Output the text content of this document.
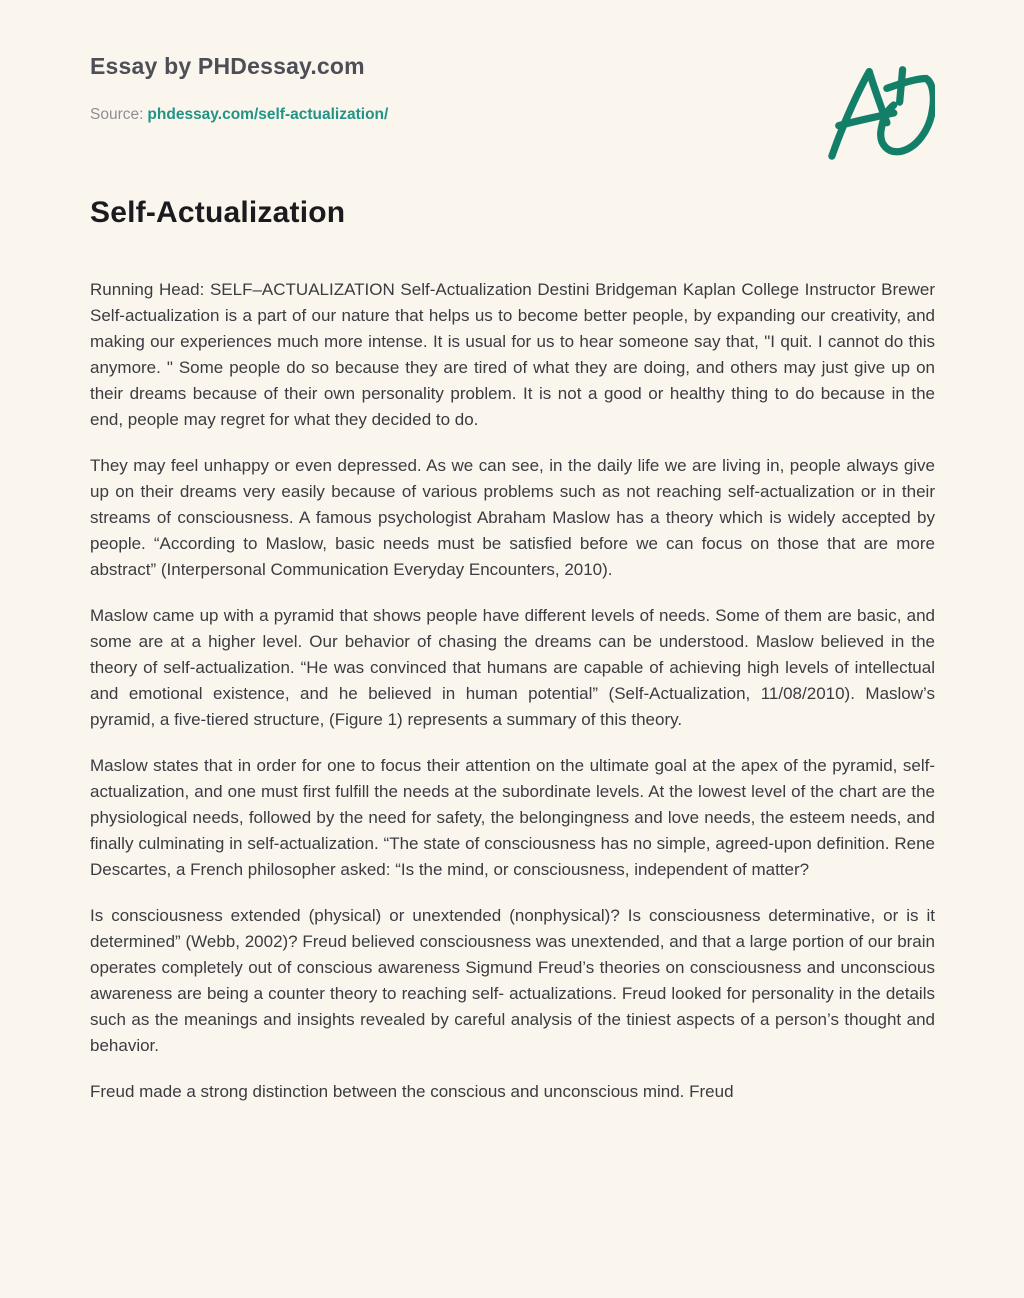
Essay by PHDessay.com
Source: phdessay.com/self-actualization/
Self-Actualization

Running Head: SELF–ACTUALIZATION Self-Actualization Destini Bridgeman Kaplan College Instructor Brewer Self-actualization is a part of our nature that helps us to become better people, by expanding our creativity, and making our experiences much more intense. It is usual for us to hear someone say that, "I quit. I cannot do this anymore. " Some people do so because they are tired of what they are doing, and others may just give up on their dreams because of their own personality problem. It is not a good or healthy thing to do because in the end, people may regret for what they decided to do.

They may feel unhappy or even depressed. As we can see, in the daily life we are living in, people always give up on their dreams very easily because of various problems such as not reaching self-actualization or in their streams of consciousness. A famous psychologist Abraham Maslow has a theory which is widely accepted by people. “According to Maslow, basic needs must be satisfied before we can focus on those that are more abstract” (Interpersonal Communication Everyday Encounters, 2010).

Maslow came up with a pyramid that shows people have different levels of needs. Some of them are basic, and some are at a higher level. Our behavior of chasing the dreams can be understood. Maslow believed in the theory of self-actualization. “He was convinced that humans are capable of achieving high levels of intellectual and emotional existence, and he believed in human potential” (Self-Actualization, 11/08/2010). Maslow’s pyramid, a five-tiered structure, (Figure 1) represents a summary of this theory.

Maslow states that in order for one to focus their attention on the ultimate goal at the apex of the pyramid, self-actualization, and one must first fulfill the needs at the subordinate levels. At the lowest level of the chart are the physiological needs, followed by the need for safety, the belongingness and love needs, the esteem needs, and finally culminating in self-actualization. “The state of consciousness has no simple, agreed-upon definition. Rene Descartes, a French philosopher asked: “Is the mind, or consciousness, independent of matter?

Is consciousness extended (physical) or unextended (nonphysical)? Is consciousness determinative, or is it determined” (Webb, 2002)? Freud believed consciousness was unextended, and that a large portion of our brain operates completely out of conscious awareness Sigmund Freud’s theories on consciousness and unconscious awareness are being a counter theory to reaching self- actualizations. Freud looked for personality in the details such as the meanings and insights revealed by careful analysis of the tiniest aspects of a person’s thought and behavior.

Freud made a strong distinction between the conscious and unconscious mind. Freud
